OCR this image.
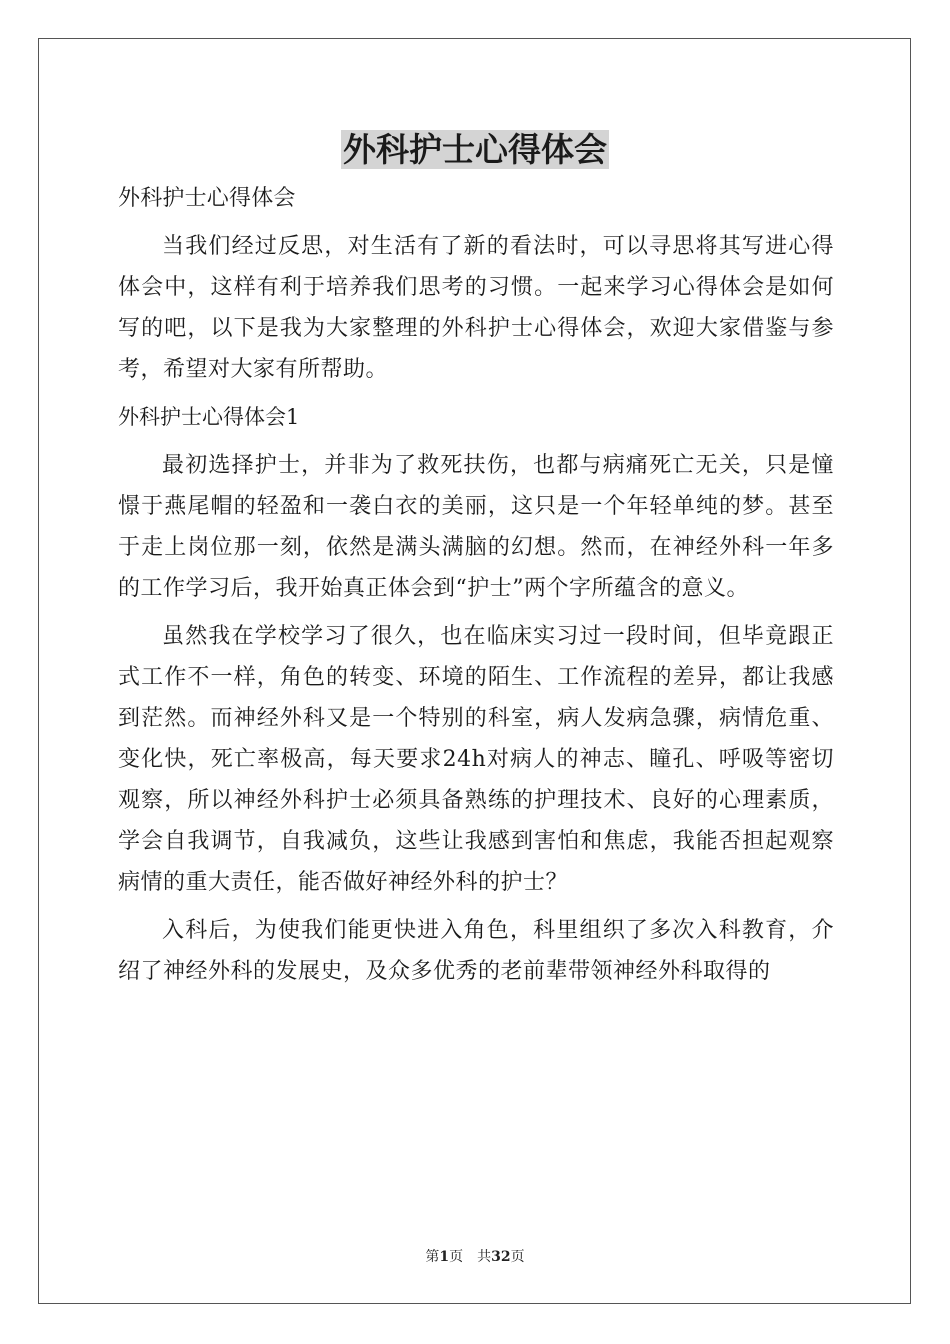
外科护士心得体会

外科护士心得体会

当我们经过反思，对生活有了新的看法时，可以寻思将其写进心得体会中，这样有利于培养我们思考的习惯。一起来学习心得体会是如何写的吧，以下是我为大家整理的外科护士心得体会，欢迎大家借鉴与参考，希望对大家有所帮助。

外科护士心得体会1

最初选择护士，并非为了救死扶伤，也都与病痛死亡无关，只是憧憬于燕尾帽的轻盈和一袭白衣的美丽，这只是一个年轻单纯的梦。甚至于走上岗位那一刻，依然是满头满脑的幻想。然而，在神经外科一年多的工作学习后，我开始真正体会到“护士”两个字所蕴含的意义。

虽然我在学校学习了很久，也在临床实习过一段时间，但毕竟跟正式工作不一样，角色的转变、环境的陌生、工作流程的差异，都让我感到茫然。而神经外科又是一个特别的科室，病人发病急骤，病情危重、变化快，死亡率极高，每天要求24h对病人的神志、瞳孔、呼吸等密切观察，所以神经外科护士必须具备熟练的护理技术、良好的心理素质，学会自我调节，自我减负，这些让我感到害怕和焦虑，我能否担起观察病情的重大责任，能否做好神经外科的护士？

入科后，为使我们能更快进入角色，科里组织了多次入科教育，介绍了神经外科的发展史，及众多优秀的老前辈带领神经外科取得的

第1页　共32页
